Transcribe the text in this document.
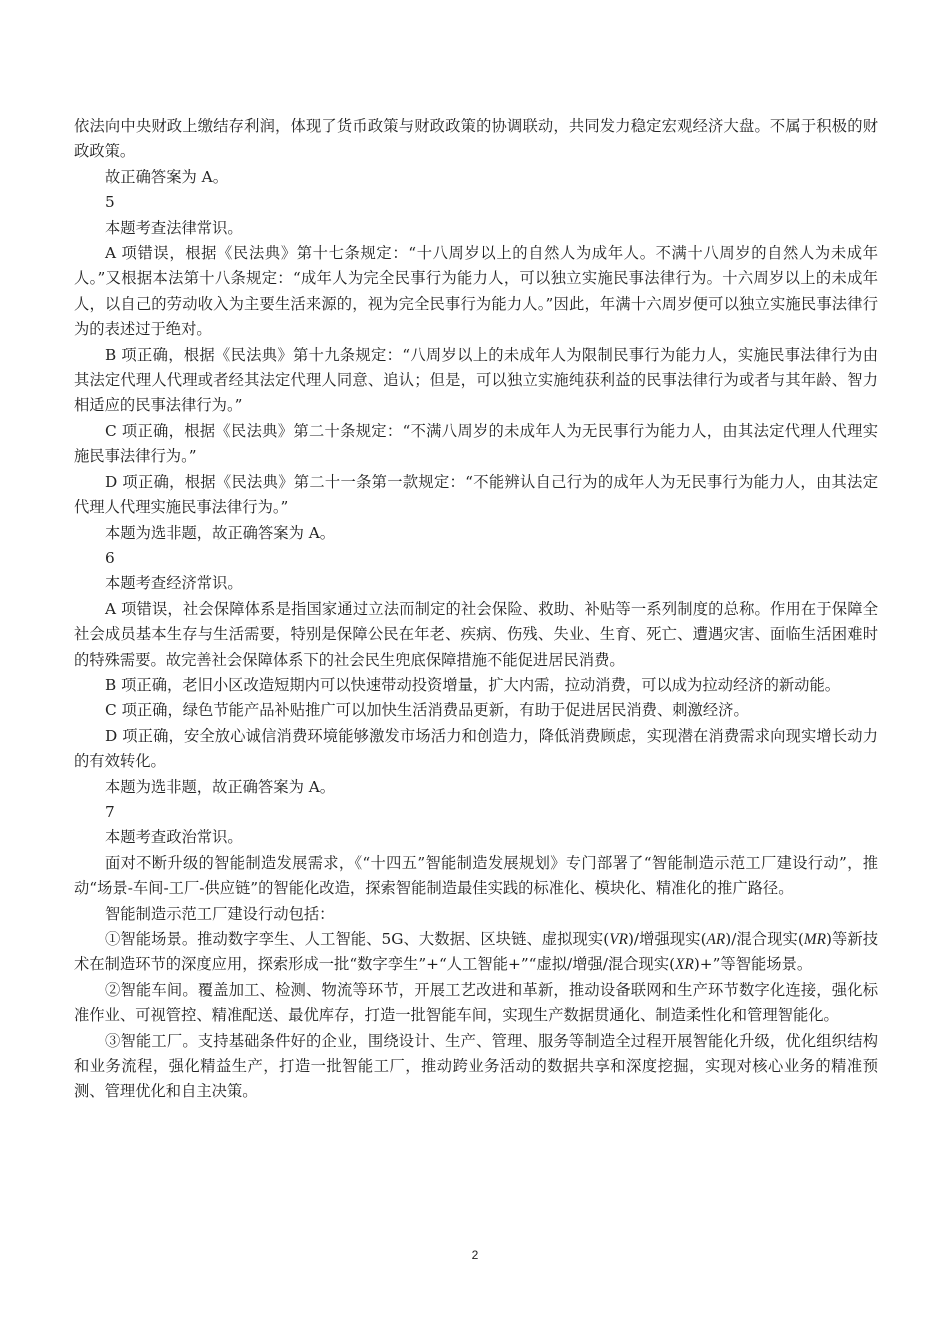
依法向中央财政上缴结存利润，体现了货币政策与财政政策的协调联动，共同发力稳定宏观经济大盘。不属于积极的财政政策。

故正确答案为 A。

5

本题考查法律常识。

A 项错误，根据《民法典》第十七条规定：“十八周岁以上的自然人为成年人。不满十八周岁的自然人为未成年人。”又根据本法第十八条规定：“成年人为完全民事行为能力人，可以独立实施民事法律行为。十六周岁以上的未成年人，以自己的劳动收入为主要生活来源的，视为完全民事行为能力人。”因此，年满十六周岁便可以独立实施民事法律行为的表述过于绝对。

B 项正确，根据《民法典》第十九条规定：“八周岁以上的未成年人为限制民事行为能力人，实施民事法律行为由其法定代理人代理或者经其法定代理人同意、追认；但是，可以独立实施纯获利益的民事法律行为或者与其年龄、智力相适应的民事法律行为。”

C 项正确，根据《民法典》第二十条规定：“不满八周岁的未成年人为无民事行为能力人，由其法定代理人代理实施民事法律行为。”

D 项正确，根据《民法典》第二十一条第一款规定：“不能辨认自己行为的成年人为无民事行为能力人，由其法定代理人代理实施民事法律行为。”

本题为选非题，故正确答案为 A。

6

本题考查经济常识。

A 项错误，社会保障体系是指国家通过立法而制定的社会保险、救助、补贴等一系列制度的总称。作用在于保障全社会成员基本生存与生活需要，特别是保障公民在年老、疾病、伤残、失业、生育、死亡、遭遇灾害、面临生活困难时的特殊需要。故完善社会保障体系下的社会民生兜底保障措施不能促进居民消费。

B 项正确，老旧小区改造短期内可以快速带动投资增量，扩大内需，拉动消费，可以成为拉动经济的新动能。

C 项正确，绿色节能产品补贴推广可以加快生活消费品更新，有助于促进居民消费、刺激经济。

D 项正确，安全放心诚信消费环境能够激发市场活力和创造力，降低消费顾虑，实现潜在消费需求向现实增长动力的有效转化。

本题为选非题，故正确答案为 A。

7

本题考查政治常识。

面对不断升级的智能制造发展需求，《“十四五”智能制造发展规划》专门部署了“智能制造示范工厂建设行动”，推动“场景-车间-工厂-供应链”的智能化改造，探索智能制造最佳实践的标准化、模块化、精准化的推广路径。

智能制造示范工厂建设行动包括：

①智能场景。推动数字孪生、人工智能、5G、大数据、区块链、虚拟现实(VR)/增强现实(AR)/混合现实(MR)等新技术在制造环节的深度应用，探索形成一批“数字孪生”+“人工智能+”“虚拟/增强/混合现实(XR)+”等智能场景。

②智能车间。覆盖加工、检测、物流等环节，开展工艺改进和革新，推动设备联网和生产环节数字化连接，强化标准作业、可视管控、精准配送、最优库存，打造一批智能车间，实现生产数据贯通化、制造柔性化和管理智能化。

③智能工厂。支持基础条件好的企业，围绕设计、生产、管理、服务等制造全过程开展智能化升级，优化组织结构和业务流程，强化精益生产，打造一批智能工厂，推动跨业务活动的数据共享和深度挖掘，实现对核心业务的精准预测、管理优化和自主决策。

2
